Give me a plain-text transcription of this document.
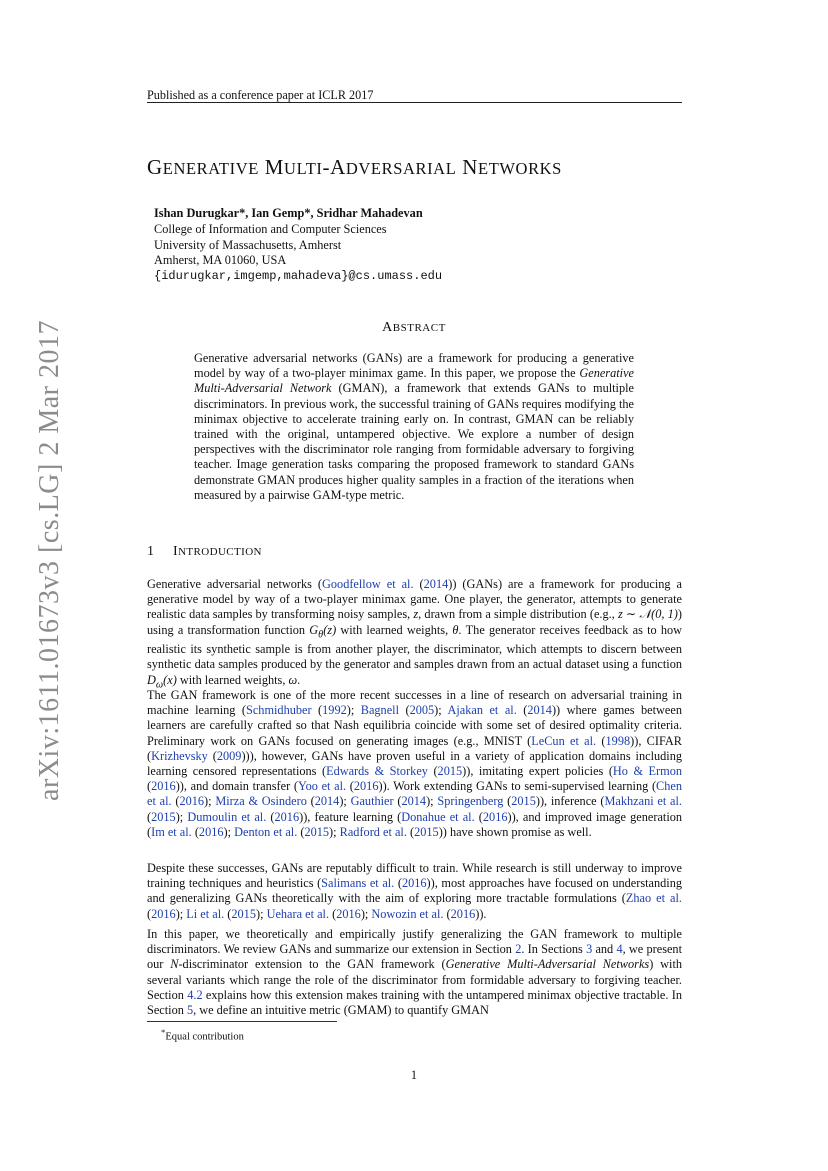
arXiv:1611.01673v3 [cs.LG] 2 Mar 2017
Published as a conference paper at ICLR 2017
GENERATIVE MULTI-ADVERSARIAL NETWORKS
Ishan Durugkar*, Ian Gemp*, Sridhar Mahadevan
College of Information and Computer Sciences
University of Massachusetts, Amherst
Amherst, MA 01060, USA
{idurugkar,imgemp,mahadeva}@cs.umass.edu
ABSTRACT
Generative adversarial networks (GANs) are a framework for producing a generative model by way of a two-player minimax game. In this paper, we propose the Generative Multi-Adversarial Network (GMAN), a framework that extends GANs to multiple discriminators. In previous work, the successful training of GANs requires modifying the minimax objective to accelerate training early on. In contrast, GMAN can be reliably trained with the original, untampered objective. We explore a number of design perspectives with the discriminator role ranging from formidable adversary to forgiving teacher. Image generation tasks comparing the proposed framework to standard GANs demonstrate GMAN produces higher quality samples in a fraction of the iterations when measured by a pairwise GAM-type metric.
1 INTRODUCTION
Generative adversarial networks (Goodfellow et al. (2014)) (GANs) are a framework for producing a generative model by way of a two-player minimax game. One player, the generator, attempts to generate realistic data samples by transforming noisy samples, z, drawn from a simple distribution (e.g., z ∼ 𝒩(0, 1)) using a transformation function $G_\theta(z)$ with learned weights, θ. The generator receives feedback as to how realistic its synthetic sample is from another player, the discriminator, which attempts to discern between synthetic data samples produced by the generator and samples drawn from an actual dataset using a function $D_\omega(x)$ with learned weights, ω.
The GAN framework is one of the more recent successes in a line of research on adversarial training in machine learning (Schmidhuber (1992); Bagnell (2005); Ajakan et al. (2014)) where games between learners are carefully crafted so that Nash equilibria coincide with some set of desired optimality criteria. Preliminary work on GANs focused on generating images (e.g., MNIST (LeCun et al. (1998)), CIFAR (Krizhevsky (2009))), however, GANs have proven useful in a variety of application domains including learning censored representations (Edwards & Storkey (2015)), imitating expert policies (Ho & Ermon (2016)), and domain transfer (Yoo et al. (2016)). Work extending GANs to semi-supervised learning (Chen et al. (2016); Mirza & Osindero (2014); Gauthier (2014); Springenberg (2015)), inference (Makhzani et al. (2015); Dumoulin et al. (2016)), feature learning (Donahue et al. (2016)), and improved image generation (Im et al. (2016); Denton et al. (2015); Radford et al. (2015)) have shown promise as well.
Despite these successes, GANs are reputably difficult to train. While research is still underway to improve training techniques and heuristics (Salimans et al. (2016)), most approaches have focused on understanding and generalizing GANs theoretically with the aim of exploring more tractable formulations (Zhao et al. (2016); Li et al. (2015); Uehara et al. (2016); Nowozin et al. (2016)).
In this paper, we theoretically and empirically justify generalizing the GAN framework to multiple discriminators. We review GANs and summarize our extension in Section 2. In Sections 3 and 4, we present our N-discriminator extension to the GAN framework (Generative Multi-Adversarial Networks) with several variants which range the role of the discriminator from formidable adversary to forgiving teacher. Section 4.2 explains how this extension makes training with the untampered minimax objective tractable. In Section 5, we define an intuitive metric (GMAM) to quantify GMAN
*Equal contribution
1
